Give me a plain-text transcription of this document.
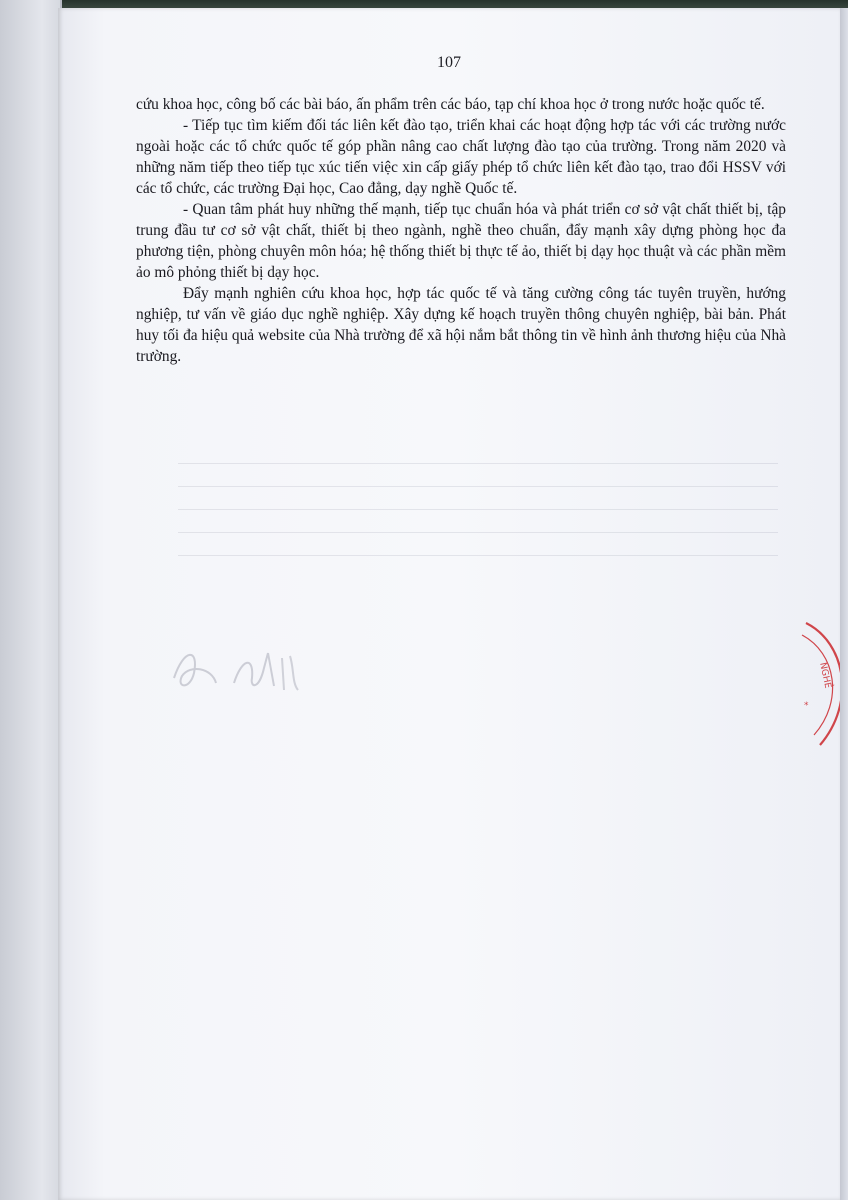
107

cứu khoa học, công bố các bài báo, ấn phẩm trên các báo, tạp chí khoa học ở trong nước hoặc quốc tế.

- Tiếp tục tìm kiếm đối tác liên kết đào tạo, triển khai các hoạt động hợp tác với các trường nước ngoài hoặc các tổ chức quốc tế góp phần nâng cao chất lượng đào tạo của trường. Trong năm 2020 và những năm tiếp theo tiếp tục xúc tiến việc xin cấp giấy phép tổ chức liên kết đào tạo, trao đổi HSSV với các tổ chức, các trường Đại học, Cao đẳng, dạy nghề Quốc tế.

- Quan tâm phát huy những thế mạnh, tiếp tục chuẩn hóa và phát triển cơ sở vật chất thiết bị, tập trung đầu tư cơ sở vật chất, thiết bị theo ngành, nghề theo chuẩn, đẩy mạnh xây dựng phòng học đa phương tiện, phòng chuyên môn hóa; hệ thống thiết bị thực tế ảo, thiết bị dạy học thuật và các phần mềm ảo mô phỏng thiết bị dạy học.

Đẩy mạnh nghiên cứu khoa học, hợp tác quốc tế và tăng cường công tác tuyên truyền, hướng nghiệp, tư vấn về giáo dục nghề nghiệp. Xây dựng kế hoạch truyền thông chuyên nghiệp, bài bản. Phát huy tối đa hiệu quả website của Nhà trường để xã hội nắm bắt thông tin về hình ảnh thương hiệu của Nhà trường.

NGHỀ
*
